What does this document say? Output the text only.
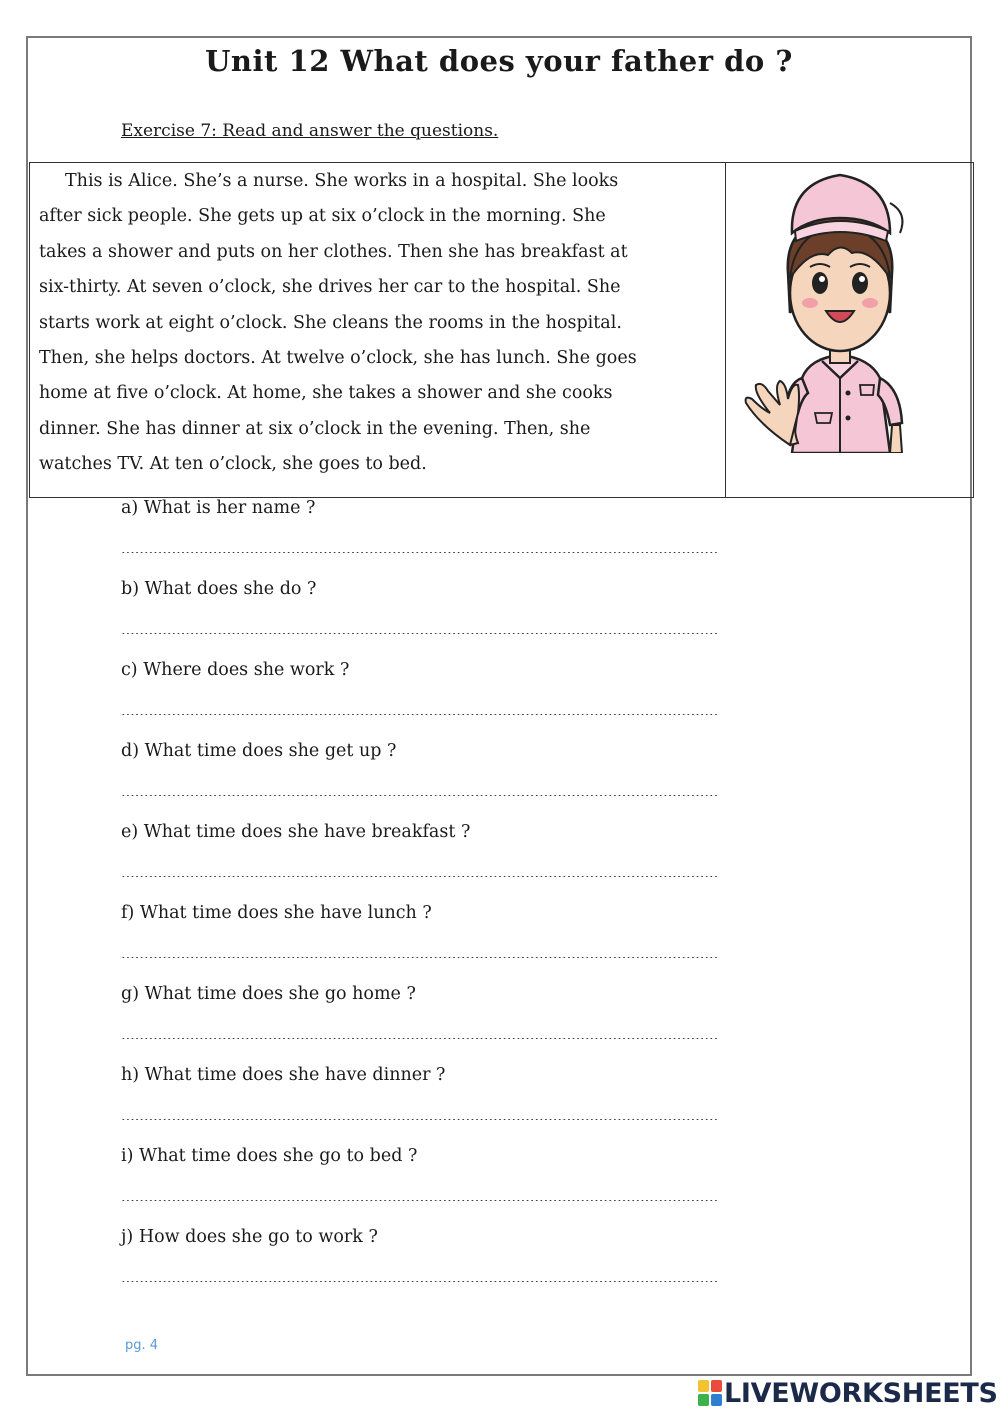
Unit 12 What does your father do ?
Exercise 7: Read and answer the questions.
This is Alice. She’s a nurse. She works in a hospital. She looks
after sick people. She gets up at six o’clock in the morning. She
takes a shower and puts on her clothes. Then she has breakfast at
six-thirty. At seven o’clock, she drives her car to the hospital. She
starts work at eight o’clock. She cleans the rooms in the hospital.
Then, she helps doctors. At twelve o’clock, she has lunch. She goes
home at five o’clock. At home, she takes a shower and she cooks
dinner. She has dinner at six o’clock in the evening. Then, she
watches TV. At ten o’clock, she goes to bed.
a) What is her name ?
b) What does she do ?
c) Where does she work ?
d) What time does she get up ?
e) What time does she have breakfast ?
f) What time does she have lunch ?
g) What time does she go home ?
h) What time does she have dinner ?
i) What time does she go to bed ?
j) How does she go to work ?
pg. 4
LIVEWORKSHEETS
